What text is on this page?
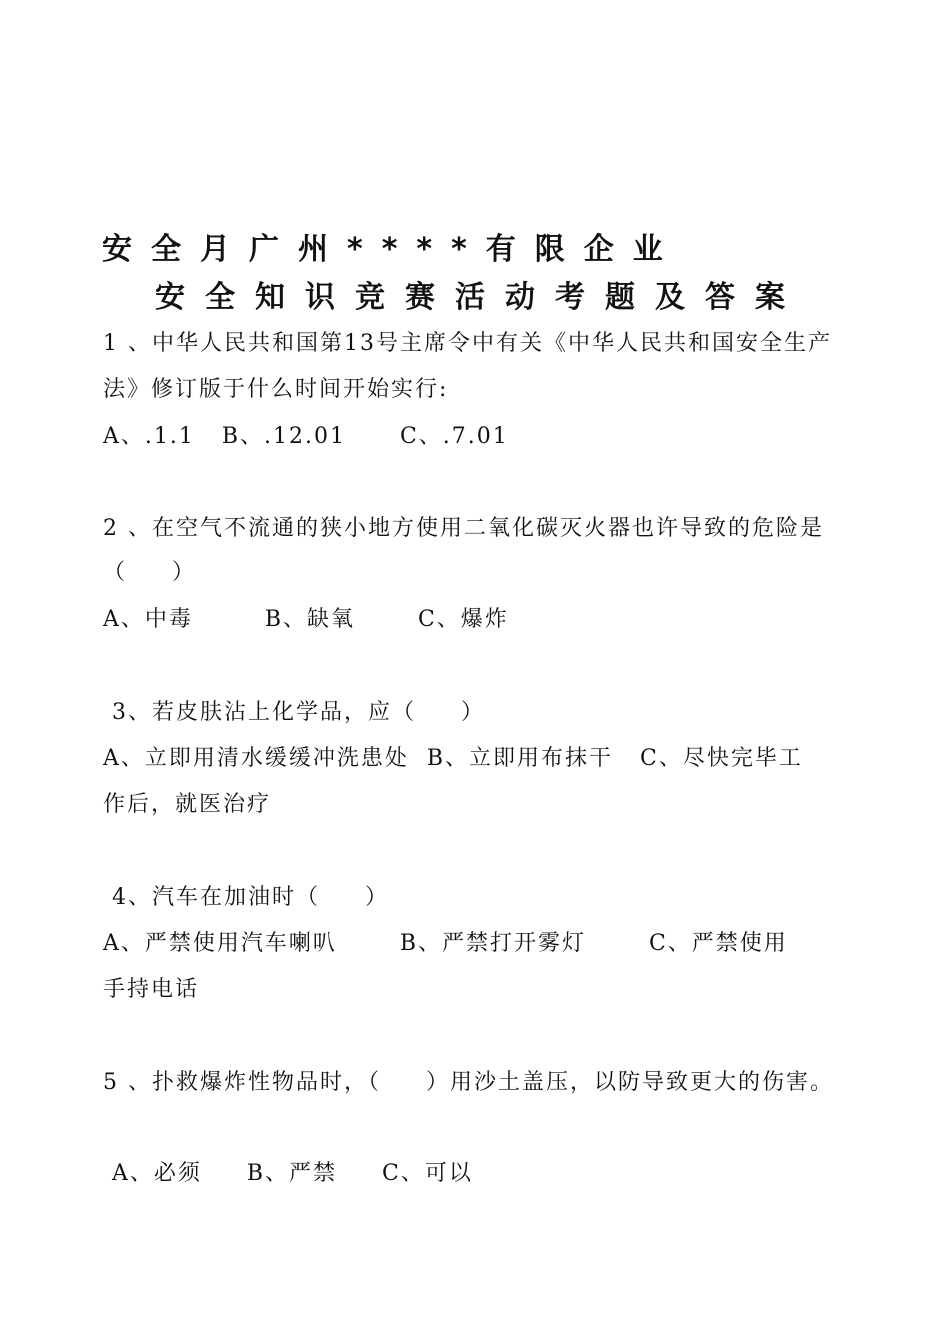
安全月广州****有限企业
安全知识竞赛活动考题及答案
1 、中华人民共和国第13号主席令中有关《中华人民共和国安全生产
法》修订版于什么时间开始实行:
A、.1.1   B、.12.01      C、.7.01
2 、在空气不流通的狭小地方使用二氧化碳灭火器也许导致的危险是
（     ）
A、中毒        B、缺氧       C、爆炸
3、若皮肤沾上化学品，应（     ）
A、立即用清水缓缓冲洗患处  B、立即用布抹干   C、尽快完毕工
作后，就医治疗
4、汽车在加油时（     ）
A、严禁使用汽车喇叭       B、严禁打开雾灯       C、严禁使用
手持电话
5 、扑救爆炸性物品时，（     ）用沙土盖压，以防导致更大的伤害。
A、必须     B、严禁     C、可以
